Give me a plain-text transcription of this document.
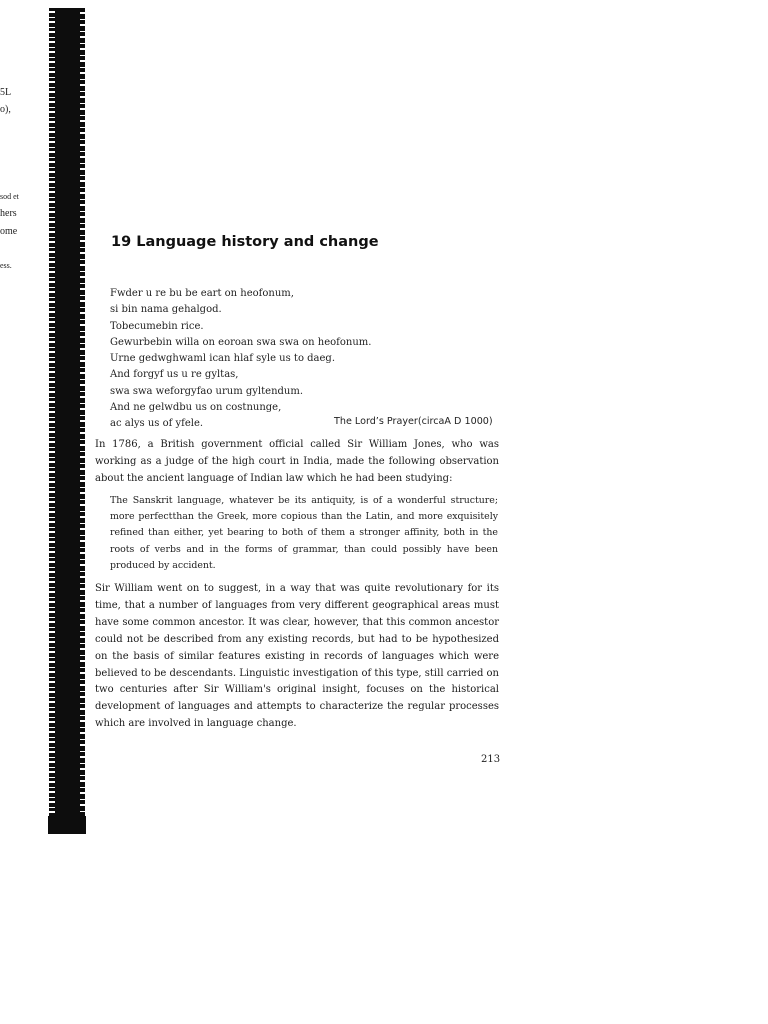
5L
o),
sod et
hers
ome
ess.
19 Language history and change
Fwder u re bu be eart on heofonum,
si bin nama gehalgod.
Tobecumebin rice.
Gewurbebin willa on eoroan swa swa on heofonum.
Urne gedwghwaml ican hlaf syle us to daeg.
And forgyf us u re gyltas,
swa swa weforgyfao urum gyltendum.
And ne gelwdbu us on costnunge,
ac alys us of yfele.	The Lord’s Prayer(circaA D 1000)

In 1786, a British government official called Sir William Jones, who was working as a judge of the high court in India, made the following observation about the ancient language of Indian law which he had been studying:

The Sanskrit language, whatever be its antiquity, is of a wonderful structure; more perfectthan the Greek, more copious than the Latin, and more exquisitely refined than either, yet bearing to both of them a stronger affinity, both in the roots of verbs and in the forms of grammar, than could possibly have been produced by accident.

Sir William went on to suggest, in a way that was quite revolutionary for its time, that a number of languages from very different geographical areas must have some common ancestor. It was clear, however, that this common ancestor could not be described from any existing records, but had to be hypothesized on the basis of similar features existing in records of languages which were believed to be descendants. Linguistic investigation of this type, still carried on two centuries after Sir William's original insight, focuses on the historical development of languages and attempts to characterize the regular processes which are involved in language change.

213
